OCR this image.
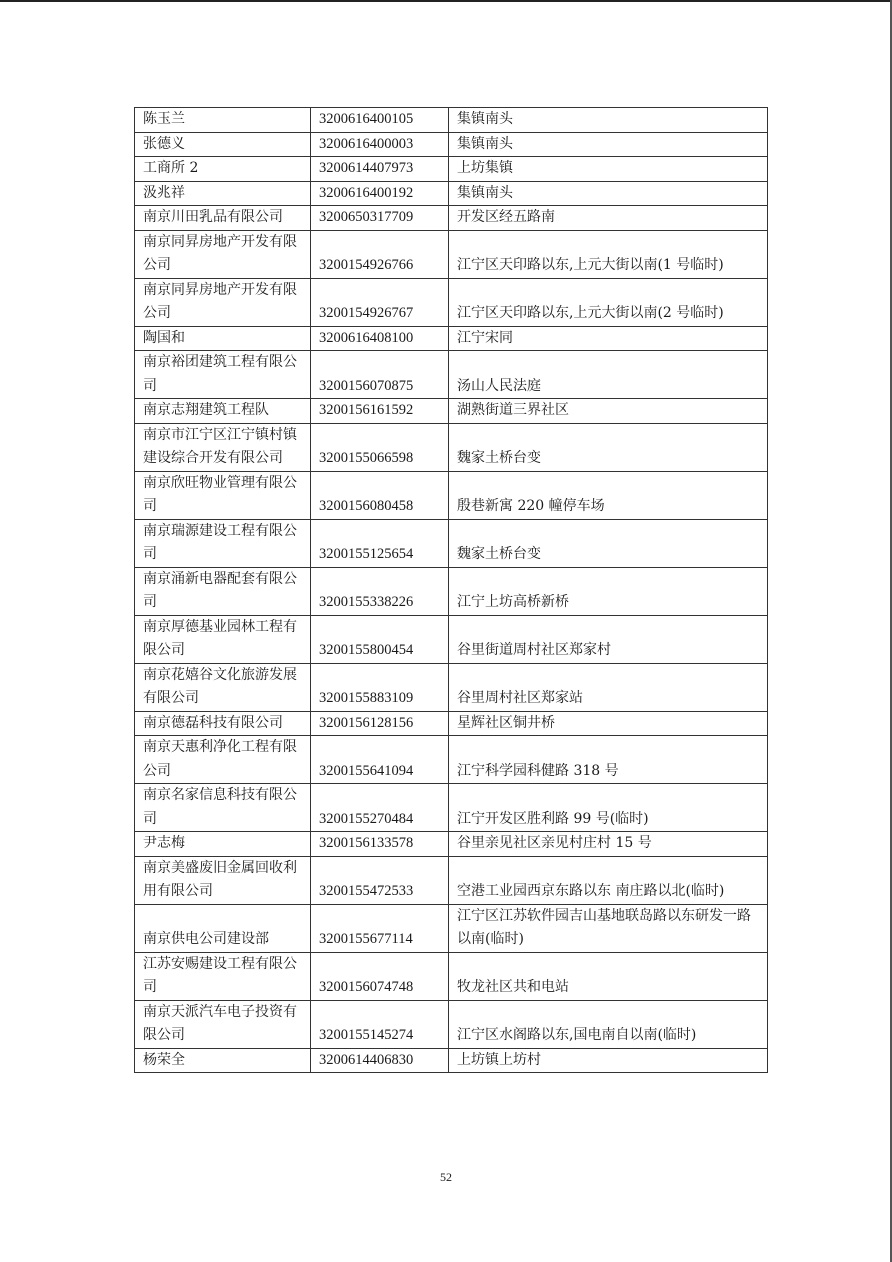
陈玉兰	3200616400105	集镇南头
张德义	3200616400003	集镇南头
工商所 2	3200614407973	上坊集镇
汲兆祥	3200616400192	集镇南头
南京川田乳品有限公司	3200650317709	开发区经五路南
南京同昇房地产开发有限公司	3200154926766	江宁区天印路以东,上元大街以南(1 号临时)
南京同昇房地产开发有限公司	3200154926767	江宁区天印路以东,上元大街以南(2 号临时)
陶国和	3200616408100	江宁宋同
南京裕团建筑工程有限公司	3200156070875	汤山人民法庭
南京志翔建筑工程队	3200156161592	湖熟街道三界社区
南京市江宁区江宁镇村镇建设综合开发有限公司	3200155066598	魏家土桥台变
南京欣旺物业管理有限公司	3200156080458	殷巷新寓 220 幢停车场
南京瑞源建设工程有限公司	3200155125654	魏家土桥台变
南京涌新电器配套有限公司	3200155338226	江宁上坊高桥新桥
南京厚德基业园林工程有限公司	3200155800454	谷里街道周村社区郑家村
南京花嬉谷文化旅游发展有限公司	3200155883109	谷里周村社区郑家站
南京德磊科技有限公司	3200156128156	星辉社区铜井桥
南京天惠利净化工程有限公司	3200155641094	江宁科学园科健路 318 号
南京名家信息科技有限公司	3200155270484	江宁开发区胜利路 99 号(临时)
尹志梅	3200156133578	谷里亲见社区亲见村庄村 15 号
南京美盛废旧金属回收利用有限公司	3200155472533	空港工业园西京东路以东 南庄路以北(临时)
南京供电公司建设部	3200155677114	江宁区江苏软件园吉山基地联岛路以东研发一路以南(临时)
江苏安赐建设工程有限公司	3200156074748	牧龙社区共和电站
南京天派汽车电子投资有限公司	3200155145274	江宁区水阁路以东,国电南自以南(临时)
杨荣全	3200614406830	上坊镇上坊村
52
